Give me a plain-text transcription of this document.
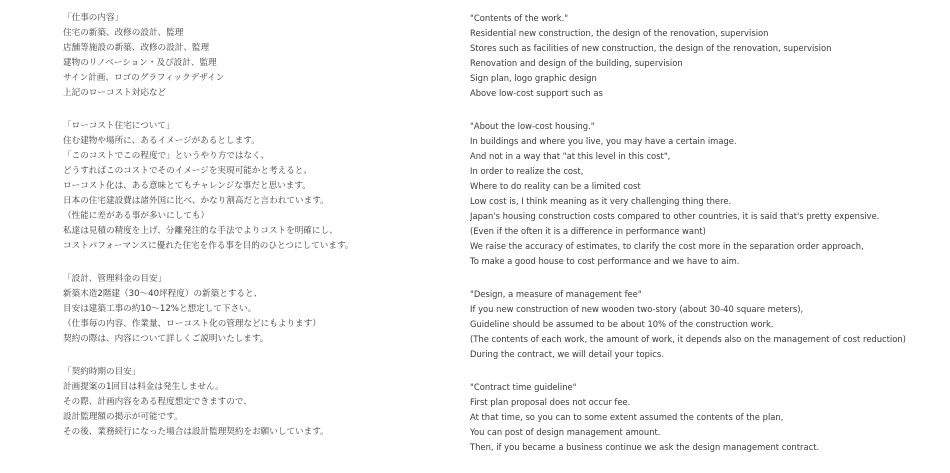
「仕事の内容」
住宅の新築、改修の設計、監理
店舗等施設の新築、改修の設計、監理
建物のリノベーション・及び設計、監理
サイン計画、ロゴのグラフィックデザイン
上記のローコスト対応など
「ローコスト住宅について」
住む建物や場所に、あるイメージがあるとします。
「このコストでこの程度で」というやり方ではなく、
どうすればこのコストでそのイメージを実現可能かと考えると、
ローコスト化は、ある意味とてもチャレンジな事だと思います。
日本の住宅建設費は諸外国に比べ、かなり割高だと言われています。
（性能に差がある事が多いにしても）
私達は見積の精度を上げ、分離発注的な手法でよりコストを明確にし、
コストパフォーマンスに優れた住宅を作る事を目的のひとつにしています。
「設計、管理料金の目安」
新築木造2階建（30〜40坪程度）の新築とすると、
目安は建築工事の約10〜12%と想定して下さい。
（仕事毎の内容、作業量、ローコスト化の管理などにもよります）
契約の際は、内容について詳しくご説明いたします。
「契約時期の目安」
計画提案の1回目は料金は発生しません。
その際、計画内容をある程度想定できますので、
設計監理額の掲示が可能です。
その後、業務続行になった場合は設計監理契約をお願いしています。
"Contents of the work."
Residential new construction, the design of the renovation, supervision
Stores such as facilities of new construction, the design of the renovation, supervision
Renovation and design of the building, supervision
Sign plan, logo graphic design
Above low-cost support such as
"About the low-cost housing."
In buildings and where you live, you may have a certain image.
And not in a way that "at this level in this cost",
In order to realize the cost,
Where to do reality can be a limited cost
Low cost is, I think meaning as it very challenging thing there.
Japan's housing construction costs compared to other countries, it is said that's pretty expensive.
(Even if the often it is a difference in performance want)
We raise the accuracy of estimates, to clarify the cost more in the separation order approach,
To make a good house to cost performance and we have to aim.
"Design, a measure of management fee"
If you new construction of new wooden two-story (about 30-40 square meters),
Guideline should be assumed to be about 10% of the construction work.
(The contents of each work, the amount of work, it depends also on the management of cost reduction)
During the contract, we will detail your topics.
"Contract time guideline"
First plan proposal does not occur fee.
At that time, so you can to some extent assumed the contents of the plan,
You can post of design management amount.
Then, if you became a business continue we ask the design management contract.
